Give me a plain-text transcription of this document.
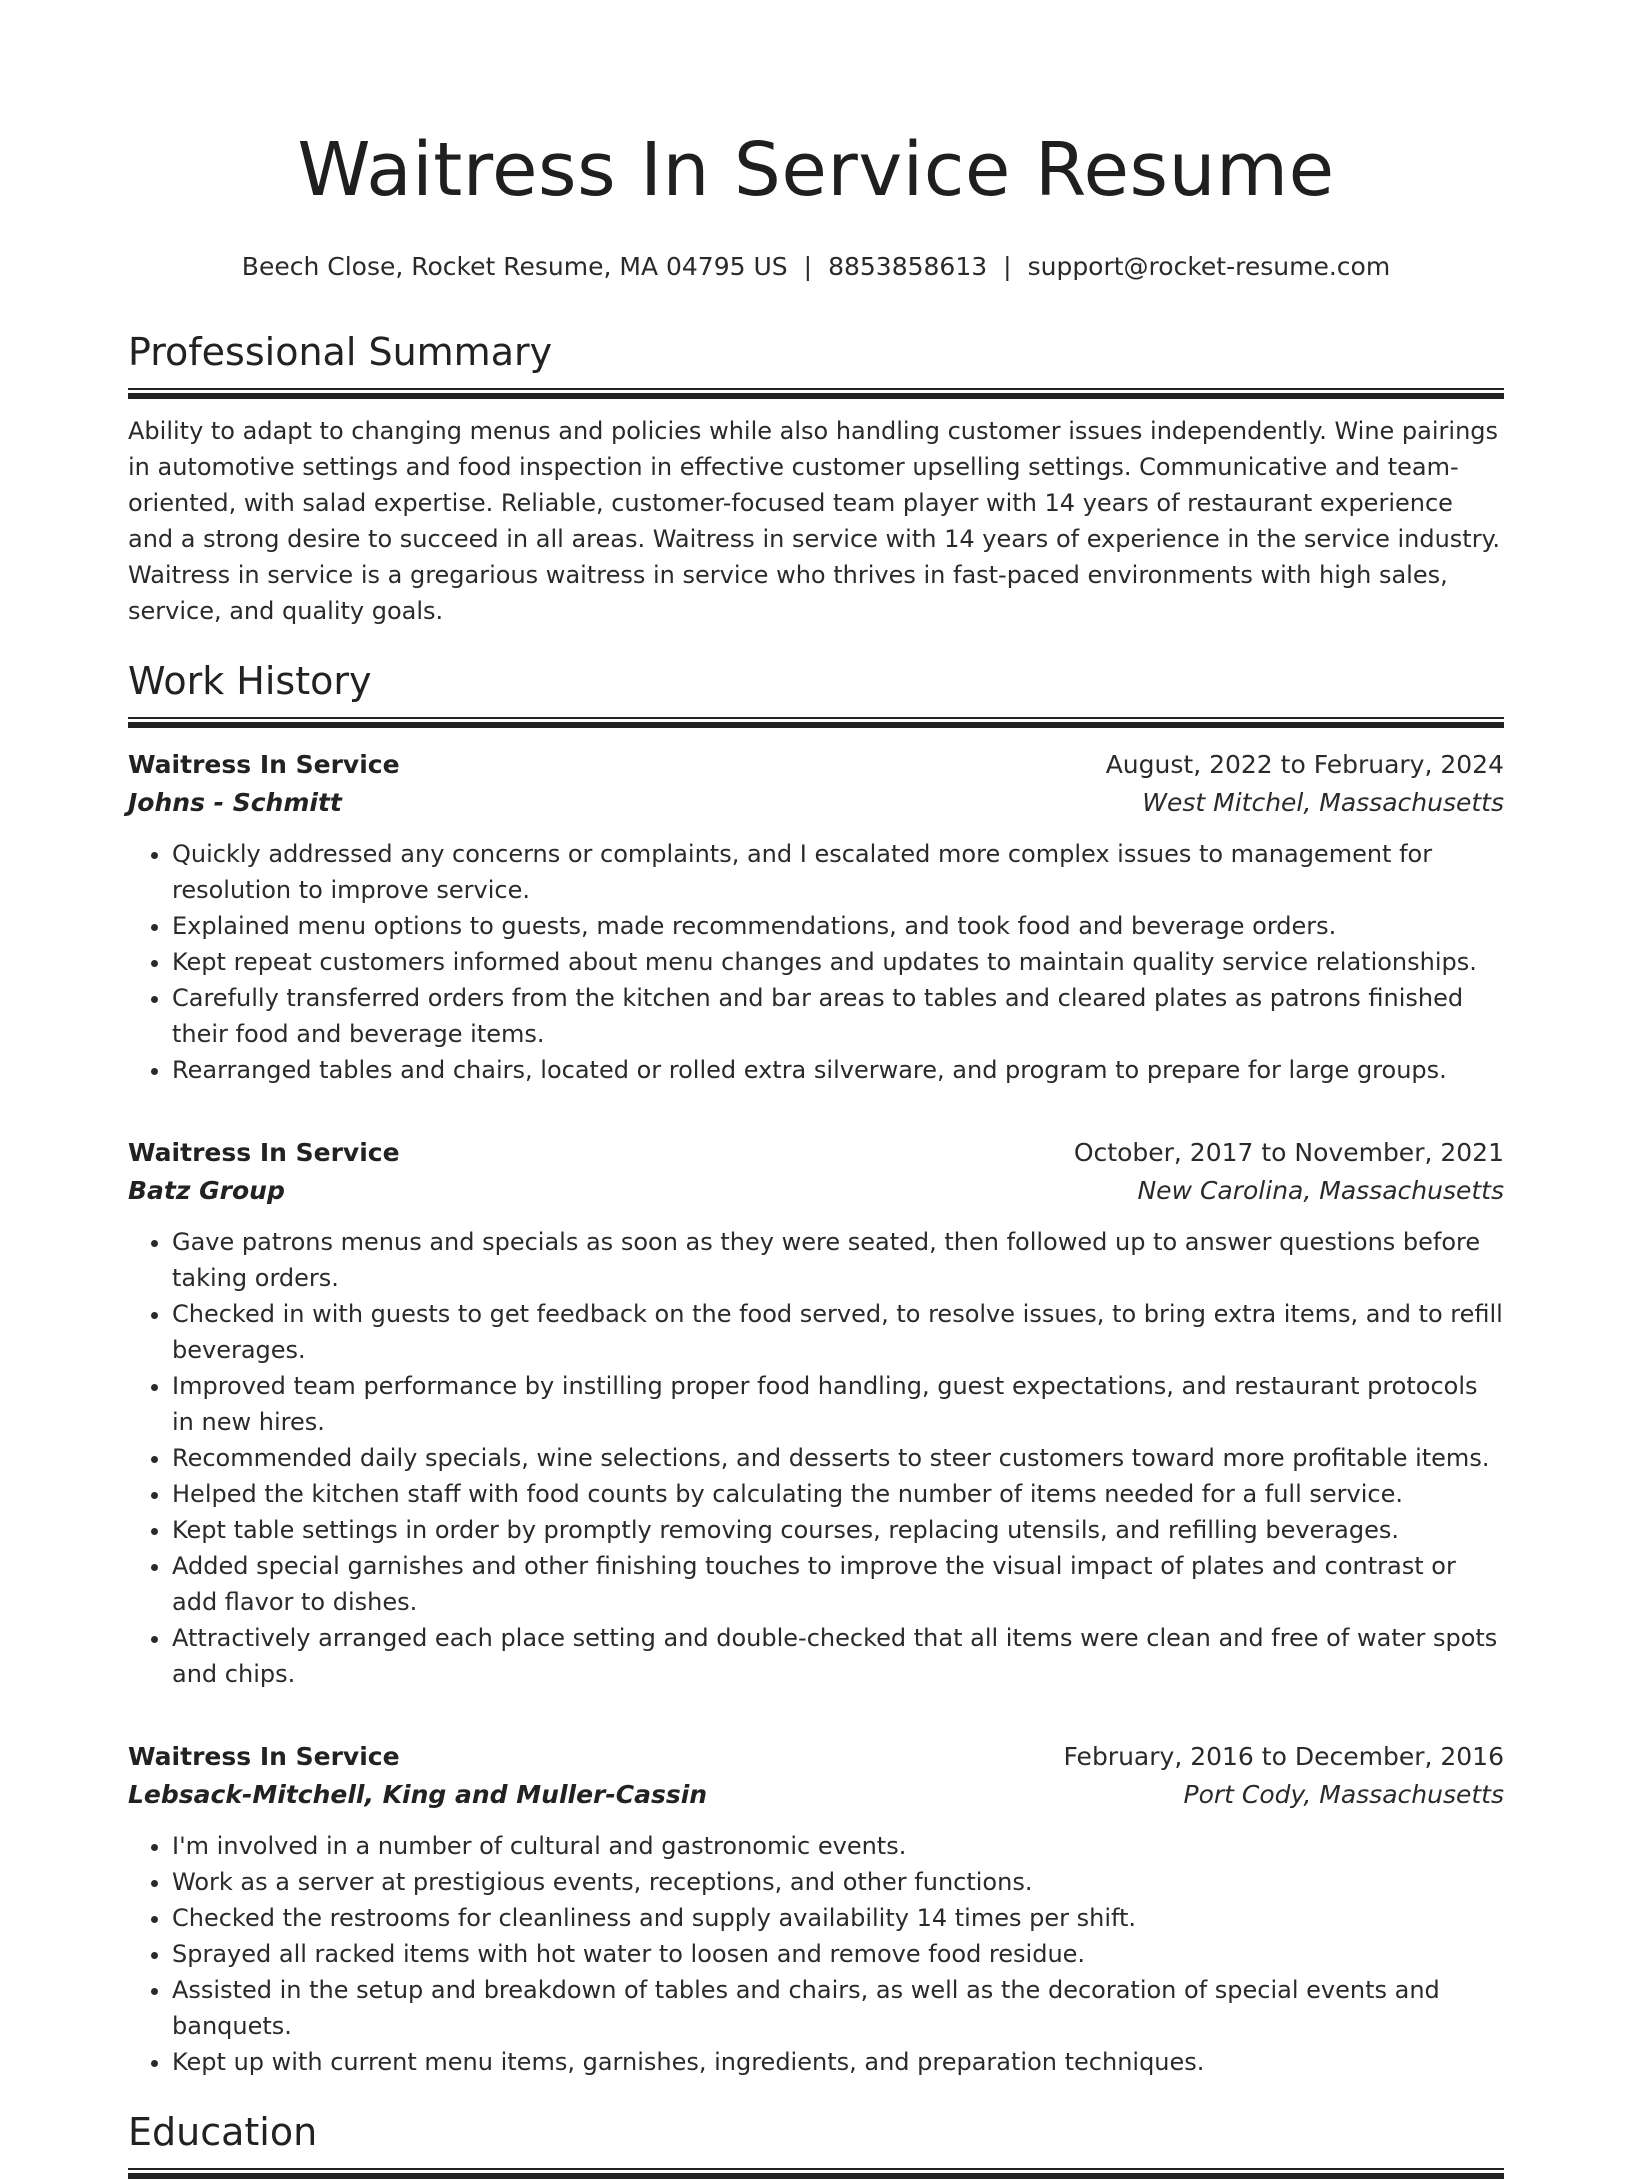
Waitress In Service Resume
Beech Close, Rocket Resume, MA 04795 US | 8853858613 | support@rocket-resume.com
Professional Summary

Ability to adapt to changing menus and policies while also handling customer issues independently. Wine pairings in automotive settings and food inspection in effective customer upselling settings. Communicative and team-oriented, with salad expertise. Reliable, customer-focused team player with 14 years of restaurant experience and a strong desire to succeed in all areas. Waitress in service with 14 years of experience in the service industry. Waitress in service is a gregarious waitress in service who thrives in fast-paced environments with high sales, service, and quality goals.

Work History
Waitress In Service	August, 2022 to February, 2024
Johns - Schmitt	West Mitchel, Massachusetts
• Quickly addressed any concerns or complaints, and I escalated more complex issues to management for resolution to improve service.
• Explained menu options to guests, made recommendations, and took food and beverage orders.
• Kept repeat customers informed about menu changes and updates to maintain quality service relationships.
• Carefully transferred orders from the kitchen and bar areas to tables and cleared plates as patrons finished their food and beverage items.
• Rearranged tables and chairs, located or rolled extra silverware, and program to prepare for large groups.
Waitress In Service	October, 2017 to November, 2021
Batz Group	New Carolina, Massachusetts
• Gave patrons menus and specials as soon as they were seated, then followed up to answer questions before taking orders.
• Checked in with guests to get feedback on the food served, to resolve issues, to bring extra items, and to refill beverages.
• Improved team performance by instilling proper food handling, guest expectations, and restaurant protocols in new hires.
• Recommended daily specials, wine selections, and desserts to steer customers toward more profitable items.
• Helped the kitchen staff with food counts by calculating the number of items needed for a full service.
• Kept table settings in order by promptly removing courses, replacing utensils, and refilling beverages.
• Added special garnishes and other finishing touches to improve the visual impact of plates and contrast or add flavor to dishes.
• Attractively arranged each place setting and double-checked that all items were clean and free of water spots and chips.
Waitress In Service	February, 2016 to December, 2016
Lebsack-Mitchell, King and Muller-Cassin	Port Cody, Massachusetts
• I'm involved in a number of cultural and gastronomic events.
• Work as a server at prestigious events, receptions, and other functions.
• Checked the restrooms for cleanliness and supply availability 14 times per shift.
• Sprayed all racked items with hot water to loosen and remove food residue.
• Assisted in the setup and breakdown of tables and chairs, as well as the decoration of special events and banquets.
• Kept up with current menu items, garnishes, ingredients, and preparation techniques.
Education
